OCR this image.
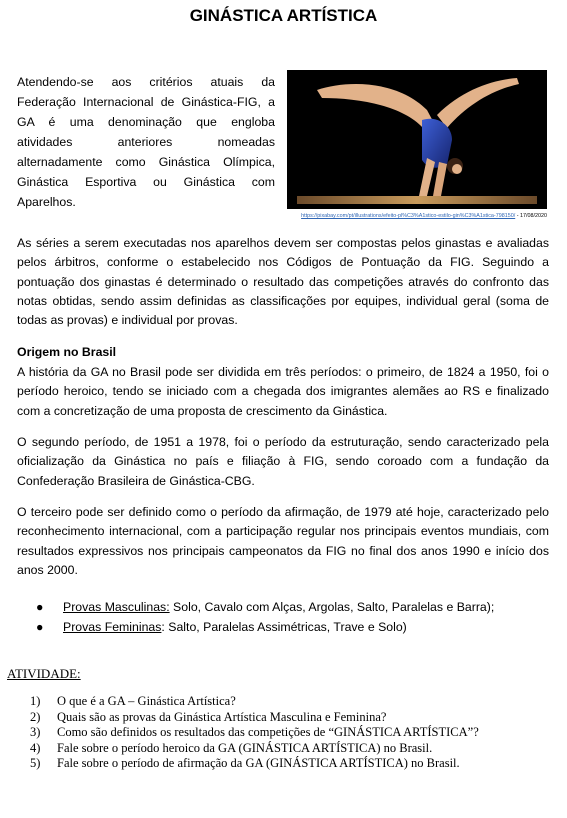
GINÁSTICA ARTÍSTICA
Atendendo-se aos critérios atuais da Federação Internacional de Ginástica-FIG, a GA é uma denominação que engloba atividades anteriores nomeadas alternadamente como Ginástica Olímpica, Ginástica Esportiva ou Ginástica com Aparelhos.
https://pixabay.com/pt/illustrations/efeito-pl%C3%A1stico-estilo-gin%C3%A1stica-798150/ - 17/08/2020
As séries a serem executadas nos aparelhos devem ser compostas pelos ginastas e avaliadas pelos árbitros, conforme o estabelecido nos Códigos de Pontuação da FIG. Seguindo a pontuação dos ginastas é determinado o resultado das competições através do confronto das notas obtidas, sendo assim definidas as classificações por equipes, individual geral (soma de todas as provas) e individual por provas.
Origem no Brasil
A história da GA no Brasil pode ser dividida em três períodos: o primeiro, de 1824 a 1950, foi o período heroico, tendo se iniciado com a chegada dos imigrantes alemães ao RS e finalizado com a concretização de uma proposta de crescimento da Ginástica.
O segundo período, de 1951 a 1978, foi o período da estruturação, sendo caracterizado pela oficialização da Ginástica no país e filiação à FIG, sendo coroado com a fundação da Confederação Brasileira de Ginástica-CBG.
O terceiro pode ser definido como o período da afirmação, de 1979 até hoje, caracterizado pelo reconhecimento internacional, com a participação regular nos principais eventos mundiais, com resultados expressivos nos principais campeonatos da FIG no final dos anos 1990 e início dos anos 2000.
● Provas Masculinas: Solo, Cavalo com Alças, Argolas, Salto, Paralelas e Barra);
● Provas Femininas: Salto, Paralelas Assimétricas, Trave e Solo)
ATIVIDADE:
1) O que é a GA – Ginástica Artística?
2) Quais são as provas da Ginástica Artística Masculina e Feminina?
3) Como são definidos os resultados das competições de “GINÁSTICA ARTÍSTICA”?
4) Fale sobre o período heroico da GA (GINÁSTICA ARTÍSTICA) no Brasil.
5) Fale sobre o período de afirmação da GA (GINÁSTICA ARTÍSTICA) no Brasil.
